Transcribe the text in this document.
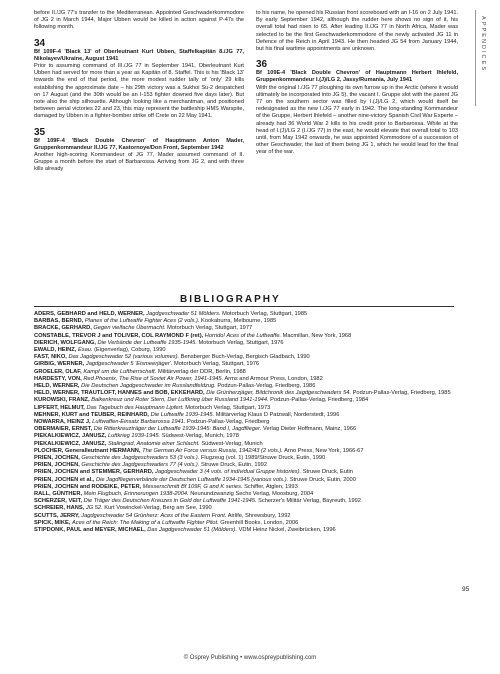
APPENDICES

before II./JG 77's transfer to the Mediterranean. Appointed Geschwaderkommodore of JG 2 in March 1944, Major Ubben would be killed in action against P-47s the following month.

34

Bf 109F-4 'Black 13' of Oberleutnant Kurt Ubben, Staffelkapitän 8./JG 77, Nikolayev/Ukraine, August 1941

Prior to assuming command of III./JG 77 in September 1941, Oberleutnant Kurt Ubben had served for more than a year as Kapitän of 8. Staffel. This is his 'Black 13' towards the end of that period, the more modest rudder tally of 'only' 29 kills establishing the approximate date – his 29th victory was a Sukhoi Su-2 despatched on 17 August (and the 30th would be an I-153 fighter downed five days later). But note also the ship silhouette. Although looking like a merchantman, and positioned between aerial victories 22 and 23, this may represent the battleship HMS Warspite, damaged by Ubben in a fighter-bomber strike off Crete on 22 May 1941.

35

Bf 109F-4 'Black Double Chevron' of Hauptmann Anton Mader, Gruppenkommandeur II./JG 77, Kastornoye/Don Front, September 1942

Another high-scoring Kommandeur of JG 77, Mader assumed command of II. Gruppe a month before the start of Barbarossa. Arriving from JG 2, and with three kills already

to his name, he opened his Russian front scoreboard with an I-16 on 2 July 1941. By early September 1942, although the rudder here shows no sign of it, his overall total had risen to 65. After leading II./JG 77 in North Africa, Mader was selected to be the first Geschwaderkommodore of the newly activated JG 11 in Defence of the Reich in April 1943. He then headed JG 54 from January 1944, but his final wartime appointments are unknown.

36

Bf 109E-4 'Black Double Chevron' of Hauptmann Herbert Ihlefeld, Gruppenkommandeur I.(J)/LG 2, Jassy/Rumania, July 1941

With the original I./JG 77 ploughing its own furrow up in the Arctic (where it would ultimately be incorporated into JG 5), the vacant I. Gruppe slot with the parent JG 77 on the southern sector was filled by I.(J)/LG 2, which would itself be redesignated as the new I./JG 77 early in 1942. The long-standing Kommandeur of the Gruppe, Herbert Ihlefeld – another nine-victory Spanish Civil War Experte – already had 36 World War 2 kills to his credit prior to Barbarossa. While at the head of I.(J)/LG 2 (I./JG 77) in the east, he would elevate that overall total to 103 until, from May 1942 onwards, he was appointed Kommodore of a succession of other Geschwader, the last of them being JG 1, which he would lead for the final year of the war.

BIBLIOGRAPHY

ADERS, GEBHARD and HELD, WERNER, Jagdgeschwader 51 Mölders. Motorbuch Verlag, Stuttgart, 1985

BARBAS, BERND, Planes of the Luftwaffe Fighter Aces (2 vols.). Kookaburra, Melbourne, 1985

BRACKE, GERHARD, Gegen vielfache Übermacht. Motorbuch Verlag, Stuttgart, 1977

CONSTABLE, TREVOR J and TOLIVER, COL RAYMOND F (ret), Horrido! Aces of the Luftwaffe. Macmillan, New York, 1968

DIERICH, WOLFGANG, Die Verbände der Luftwaffe 1935-1945. Motorbuch Verlag, Stuttgart, 1976

EWALD, HEINZ, Esau. (Eigenverlag), Coburg, 1990

FAST, NIKO, Das Jagdgeschwader 52 (various volumes). Bensberger Buch-Verlag, Bergisch Gladbach, 1990

GIRBIG, WERNER, Jagdgeschwader 5 'Eismeerjäger'. Motorbuch Verlag, Stuttgart, 1976

GROELER, OLAF, Kampf um die Luftherrschaft. Militärverlag der DDR, Berlin, 1988

HARDESTY, VON, Red Phoenix, The Rise of Soviet Air Power, 1941-1945. Arms and Armour Press, London, 1982

HELD, WERNER, Die Deutschen Jagdgeschwader im Russlandfeldzug. Podzun-Pallas-Verlag, Friedberg, 1986

HELD, WERNER, TRAUTLOFT, HANNES and BOB, EKKEHARD, Die Grünherzjäger, Bildchronik des Jagdgeschwaders 54. Podzun-Pallas-Verlag, Friedberg, 1985

KUROWSKI, FRANZ, Balkenkreuz und Roter Stern, Der Luftkrieg über Russland 1941-1944. Podzun-Pallas-Verlag, Friedberg, 1984

LIPFERT, HELMUT, Das Tagebuch des Hauptmann Lipfert. Motorbuch Verlag, Stuttgart, 1973

MEHNER, KURT and TEUBER, REINHARD, Die Luftwaffe 1939-1945. Militärverlag Klaus D Patzwall, Norderstedt, 1996

NOWARRA, HEINZ J, Luftwaffen-Einsatz Barbarossa 1941. Podzun-Pallas-Verlag, Friedberg

OBERMAIER, ERNST, Die Ritterkreuzträger der Luftwaffe 1939-1945: Band I, Jagdflieger. Verlag Dieter Hoffmann, Mainz, 1966

PIEKALKIEWICZ, JANUSZ, Luftkrieg 1939-1945. Südwest-Verlag, Munich, 1978

PIEKALKIEWICZ, JANUSZ, Stalingrad, Anatomie einer Schlacht. Südwest-Verlag, Munich

PLOCHER, Generalleutnant HERMANN, The German Air Force versus Russia, 1942/43 (2 vols.). Arno Press, New York, 1966-67

PRIEN, JOCHEN, Geschichte des Jagdgeschwaders 53 (3 vols.). Flugzeug (vol. 1) 1989/Struwe Druck, Eutin, 1990

PRIEN, JOCHEN, Geschichte des Jagdgeschwaders 77 (4 vols.). Struwe Druck, Eutin, 1992

PRIEN, JOCHEN and STEMMER, GERHARD, Jagdgeschwader 3 (4 vols. of individual Gruppe histories). Struwe Druck, Eutin

PRIEN, JOCHEN et al., Die Jagdfliegerverbände der Deutschen Luftwaffe 1934-1945 (various vols.). Struwe Druck, Eutin, 2000

PRIEN, JOCHEN and RODEIKE, PETER, Messerschmitt Bf 109F, G and K series. Schiffer, Atglen, 1993

RALL, GÜNTHER, Mein Flugbuch, Erinnerungen 1938-2004. Neunundzwanzig Sechs Verlag, Moosburg, 2004

SCHERZER, VEIT, Die Träger des Deutschen Kreuzes in Gold der Luftwaffe 1941-1945. Scherzer's Militär Verlag, Bayreuth, 1992

SCHREIER, HANS, JG 52. Kurt Vowinckel-Verlag, Berg am See, 1990

SCUTTS, JERRY, Jagdgeschwader 54 Grünherz: Aces of the Eastern Front. Airlife, Shrewsbury, 1992

SPICK, MIKE, Aces of the Reich: The Making of a Luftwaffe Fighter Pilot. Greenhill Books, London, 2006

STIPDONK, PAUL and MEYER, MICHAEL, Das Jagdgeschwader 51 (Mölders). VDM Heinz Nickel, Zweibrücken, 1996

95
© Osprey Publishing • www.ospreypublishing.com
